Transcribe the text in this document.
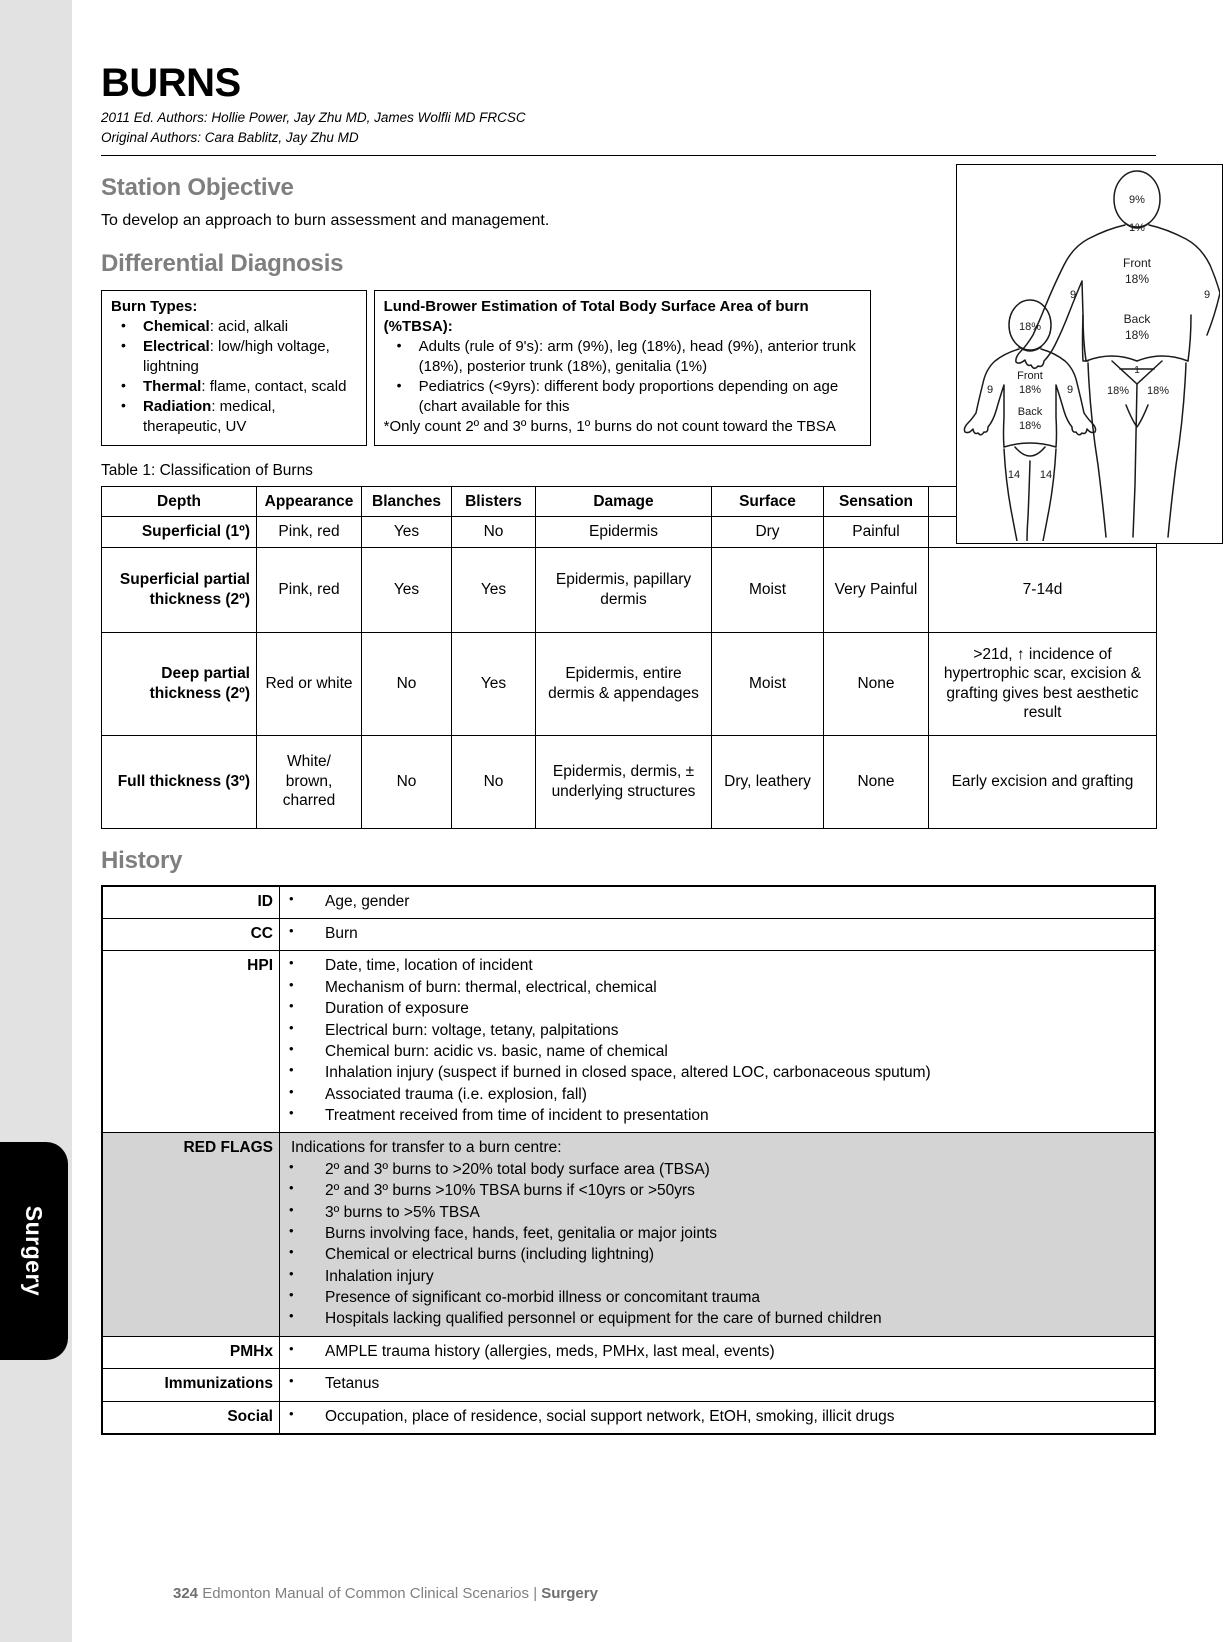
Surgery
BURNS

2011 Ed. Authors: Hollie Power, Jay Zhu MD, James Wolfli MD FRCSC

Original Authors: Cara Bablitz, Jay Zhu MD

Station Objective

To develop an approach to burn assessment and management.

Differential Diagnosis
Burn Types:
• Chemical: acid, alkali
• Electrical: low/high voltage, lightning
• Thermal: flame, contact, scald
• Radiation: medical, therapeutic, UV
Lund-Brower Estimation of Total Body Surface Area of burn
(%TBSA):
• Adults (rule of 9's): arm (9%), leg (18%), head (9%), anterior trunk (18%), posterior trunk (18%), genitalia (1%)
• Pediatrics (<9yrs): different body proportions depending on age (chart available for this
*Only count 2º and 3º burns, 1º burns do not count toward the TBSA
Table 1: Classification of Burns
Depth	Appearance	Blanches	Blisters	Damage	Surface	Sensation	
Superficial (1º)	Pink, red	Yes	No	Epidermis	Dry	Painful	
Superficial partial thickness (2º)	Pink, red	Yes	Yes	Epidermis, papillary dermis	Moist	Very Painful	7-14d
Deep partial thickness (2º)	Red or white	No	Yes	Epidermis, entire dermis & appendages	Moist	None	>21d, ↑ incidence of hypertrophic scar, excision & grafting gives best aesthetic result
Full thickness (3º)	White/ brown, charred	No	No	Epidermis, dermis, ± underlying structures	Dry, leathery	None	Early excision and grafting
History
ID	
•Age, gender

CC	
•Burn

HPI	
•Date, time, location of incident
• Mechanism of burn: thermal, electrical, chemical
• Duration of exposure
• Electrical burn: voltage, tetany, palpitations
• Chemical burn: acidic vs. basic, name of chemical
• Inhalation injury (suspect if burned in closed space, altered LOC, carbonaceous sputum)
• Associated trauma (i.e. explosion, fall)
• Treatment received from time of incident to presentation

RED FLAGS	Indications for transfer to a burn centre:
• 2º and 3º burns to >20% total body surface area (TBSA)
• 2º and 3º burns >10% TBSA burns if <10yrs or >50yrs
• 3º burns to >5% TBSA
• Burns involving face, hands, feet, genitalia or major joints
• Chemical or electrical burns (including lightning)
• Inhalation injury
• Presence of significant co-morbid illness or concomitant trauma
• Hospitals lacking qualified personnel or equipment for the care of burned children

PMHx	
•AMPLE trauma history (allergies, meds, PMHx, last meal, events)

Immunizations	
•Tetanus

Social	
•Occupation, place of residence, social support network, EtOH, smoking, illicit drugs
9%
1%
Front
18%
Back
18%
9	9
1
18% 18%
18%
Front
18%
Back
18%
9	9
14 14
324 Edmonton Manual of Common Clinical Scenarios | Surgery
